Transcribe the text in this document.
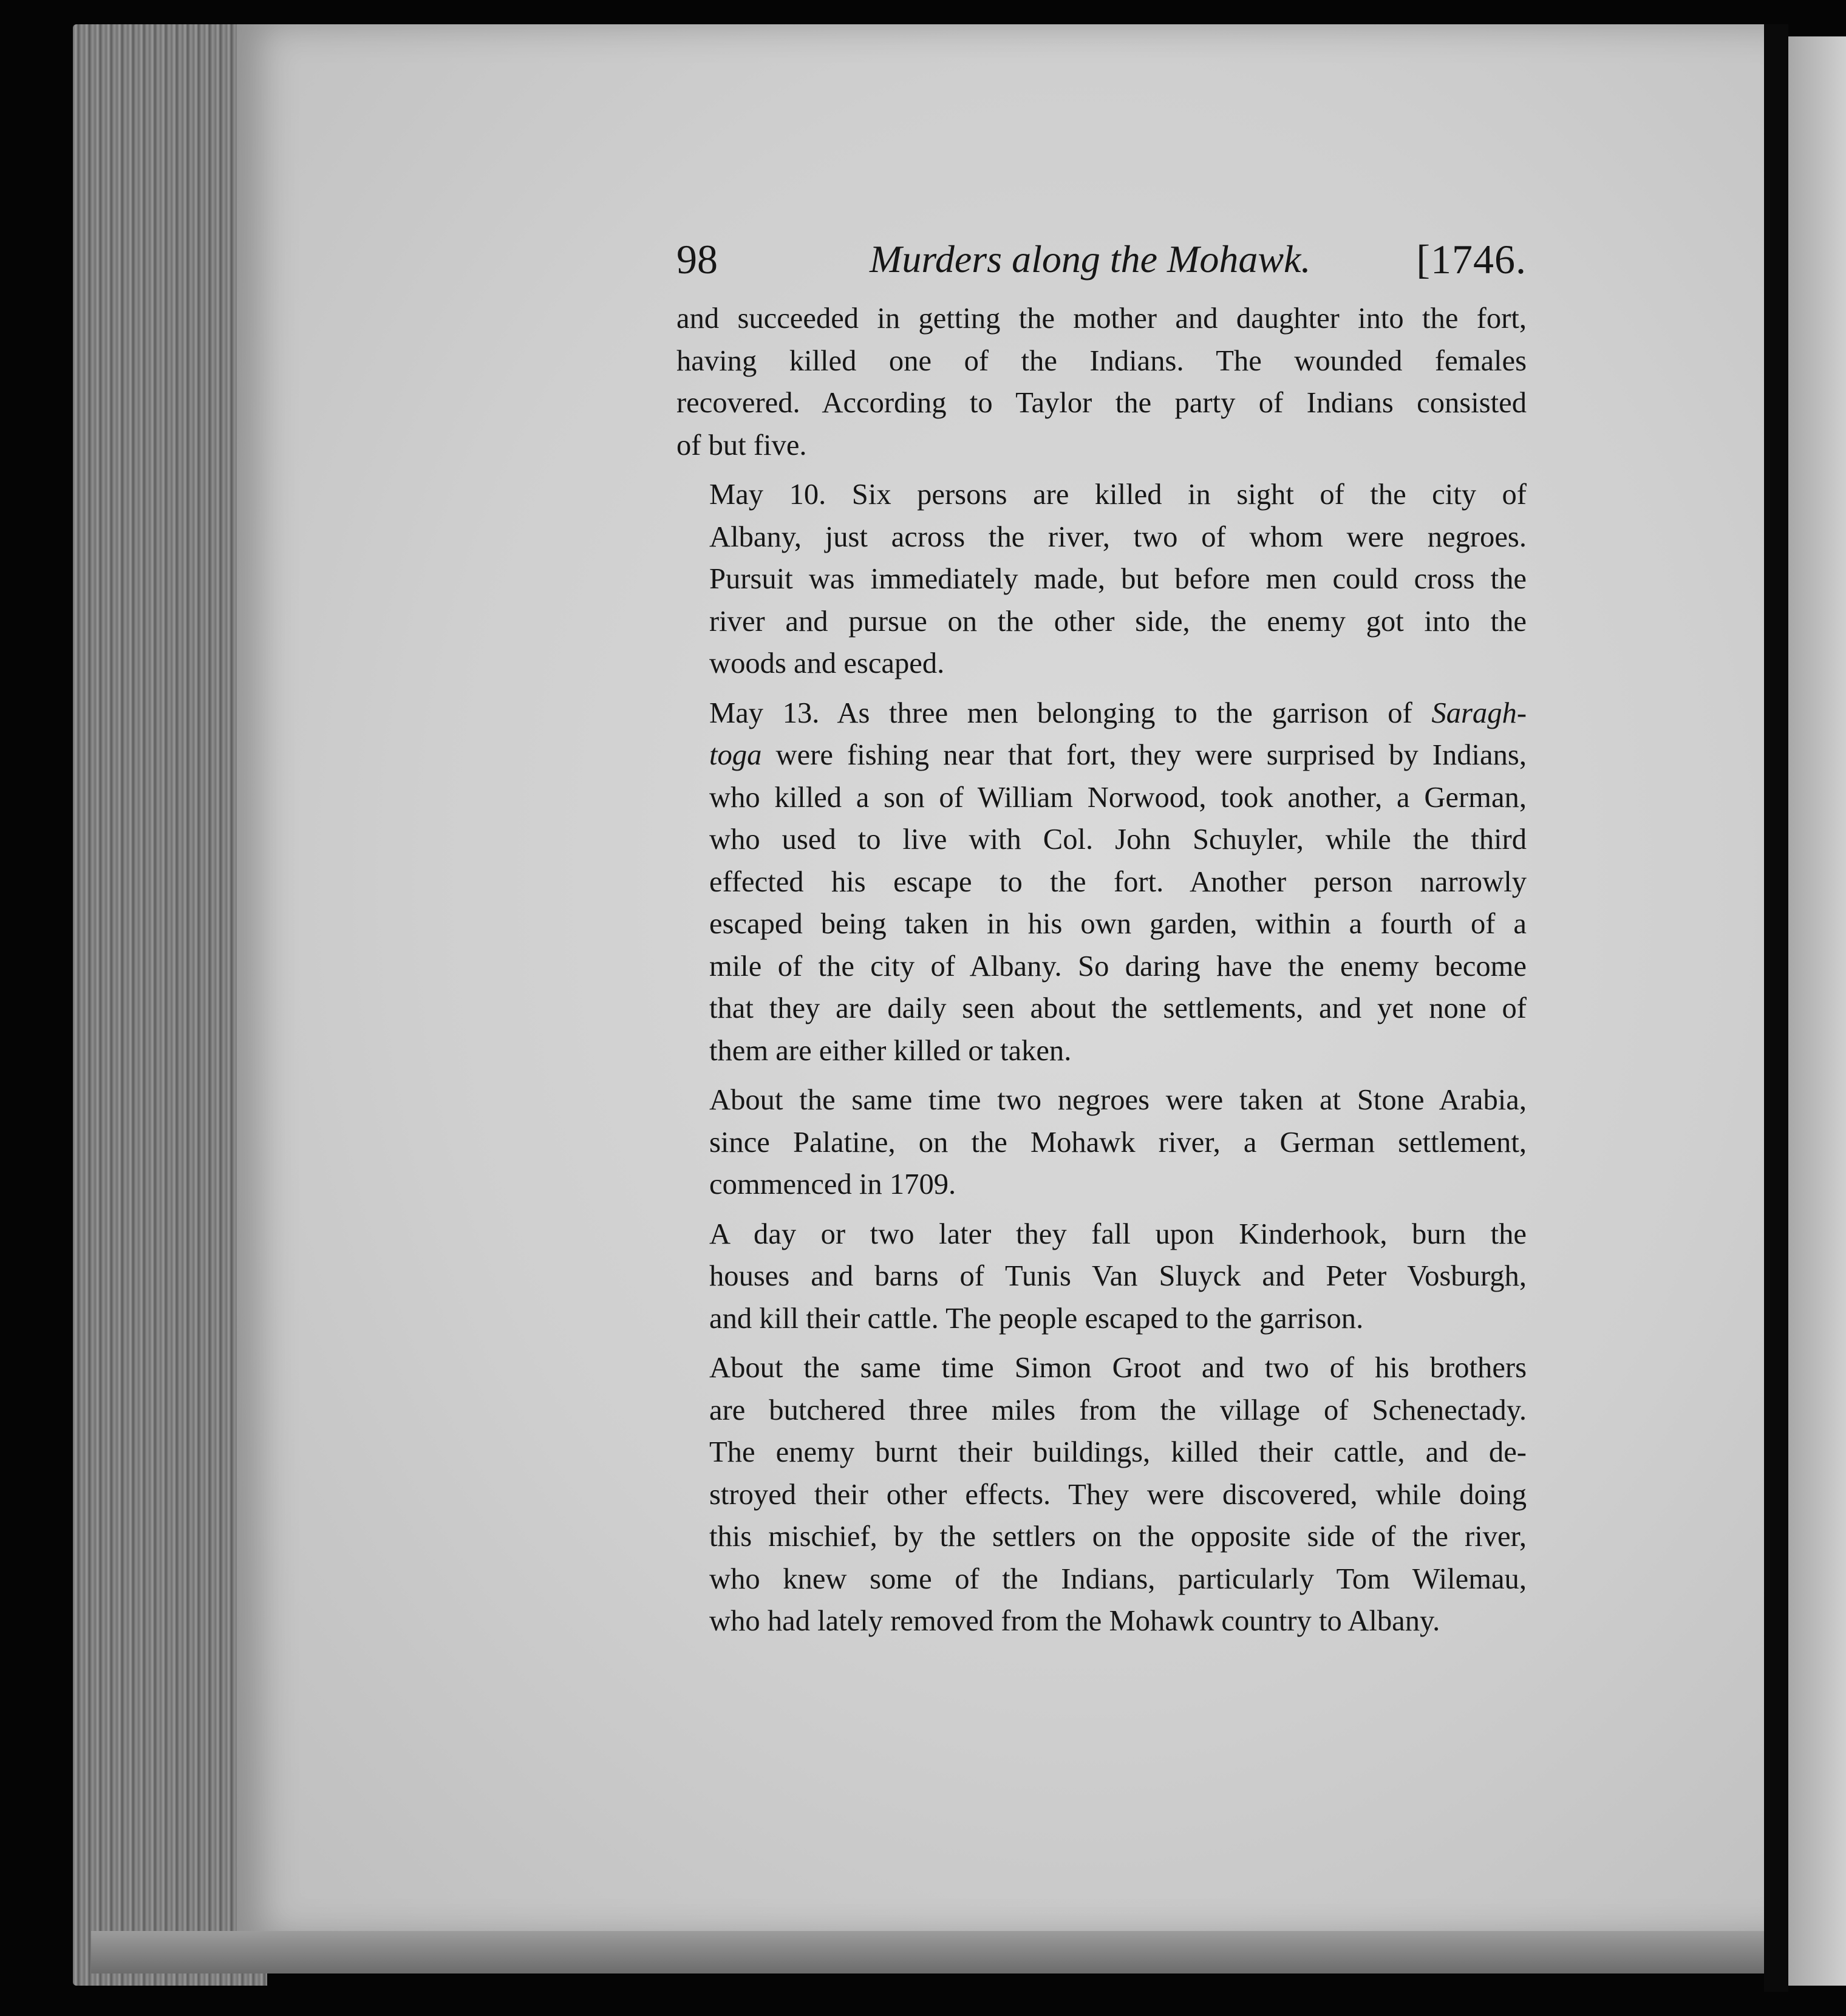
98	Murders along the Mohawk.	[1746.

and succeeded in getting the mother and daughter into the fort,
having killed one of the Indians. The wounded females
recovered. According to Taylor the party of Indians consisted
of but five.

May 10. Six persons are killed in sight of the city of
Albany, just across the river, two of whom were negroes.
Pursuit was immediately made, but before men could cross the
river and pursue on the other side, the enemy got into the
woods and escaped.

May 13. As three men belonging to the garrison of Saragh-
toga were fishing near that fort, they were surprised by Indians,
who killed a son of William Norwood, took another, a German,
who used to live with Col. John Schuyler, while the third
effected his escape to the fort. Another person narrowly
escaped being taken in his own garden, within a fourth of a
mile of the city of Albany. So daring have the enemy become
that they are daily seen about the settlements, and yet none of
them are either killed or taken.

About the same time two negroes were taken at Stone Arabia,
since Palatine, on the Mohawk river, a German settlement,
commenced in 1709.

A day or two later they fall upon Kinderhook, burn the
houses and barns of Tunis Van Sluyck and Peter Vosburgh,
and kill their cattle. The people escaped to the garrison.

About the same time Simon Groot and two of his brothers
are butchered three miles from the village of Schenectady.
The enemy burnt their buildings, killed their cattle, and de-
stroyed their other effects. They were discovered, while doing
this mischief, by the settlers on the opposite side of the river,
who knew some of the Indians, particularly Tom Wilemau,
who had lately removed from the Mohawk country to Albany.
